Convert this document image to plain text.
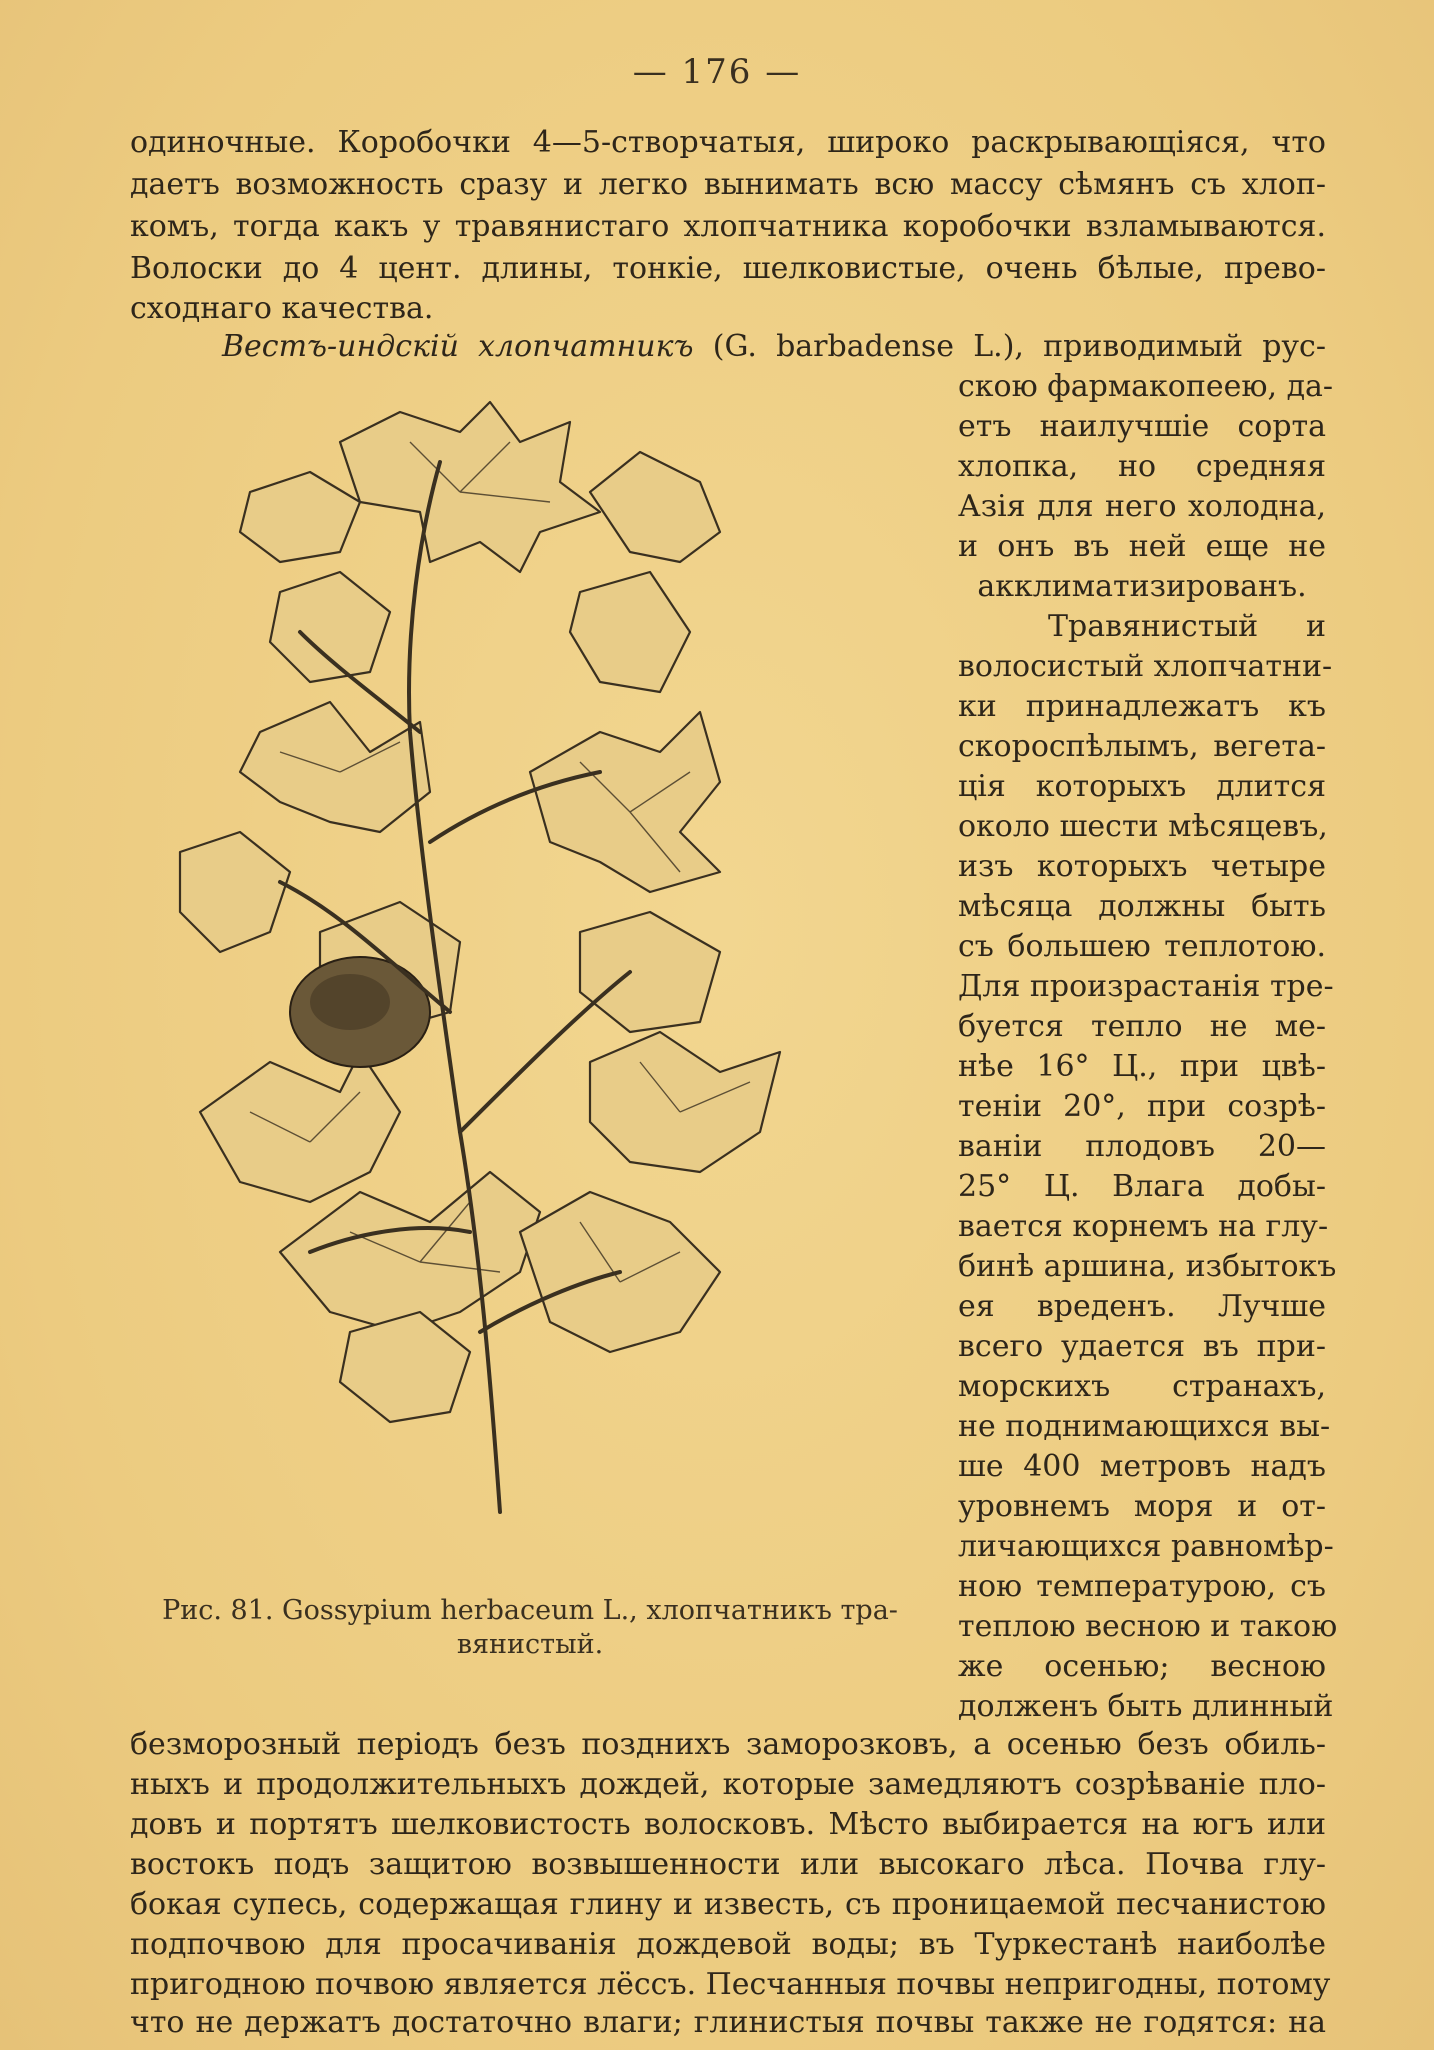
— 176 —
одиночные. Коробочки 4—5-створчатыя, широко раскрывающiяся, что
даетъ возможность сразу и легко вынимать всю массу сѣмянъ съ хлоп-
комъ, тогда какъ у травянистаго хлопчатника коробочки взламываются.
Волоски до 4 цент. длины, тонкiе, шелковистые, очень бѣлые, прево-
сходнаго качества.
Вестъ-индскiй хлопчатникъ (G. barbadense L.), приводимый рус-
скою фармакопеею, да-
етъ наилучшiе сорта
хлопка, но средняя
Азiя для него холодна,
и онъ въ ней еще не
акклиматизированъ.
Травянистый и
волосистый хлопчатни-
ки принадлежатъ къ
скороспѣлымъ, вегета-
цiя которыхъ длится
около шести мѣсяцевъ,
изъ которыхъ четыре
мѣсяца должны быть
съ большею теплотою.
Для произрастанiя тре-
буется тепло не ме-
нѣе 16° Ц., при цвѣ-
тенiи 20°, при созрѣ-
ванiи плодовъ 20—
25° Ц. Влага добы-
вается корнемъ на глу-
бинѣ аршина, избытокъ
ея вреденъ. Лучше
всего удается въ при-
морскихъ странахъ,
не поднимающихся вы-
ше 400 метровъ надъ
уровнемъ моря и от-
личающихся равномѣр-
ною температурою, съ
теплою весною и такою
же осенью; весною
долженъ быть длинный
Рис. 81. Gossypium herbaceum L., хлопчатникъ тра-
вянистый.
безморозный перiодъ безъ позднихъ заморозковъ, а осенью безъ обиль-
ныхъ и продолжительныхъ дождей, которые замедляютъ созрѣванiе пло-
довъ и портятъ шелковистость волосковъ. Мѣсто выбирается на югъ или
востокъ подъ защитою возвышенности или высокаго лѣса. Почва глу-
бокая супесь, содержащая глину и известь, съ проницаемой песчанистою
подпочвою для просачиванiя дождевой воды; въ Туркестанѣ наиболѣе
пригодною почвою является лёссъ. Песчанныя почвы непригодны, потому
что не держатъ достаточно влаги; глинистыя почвы также не годятся: на
